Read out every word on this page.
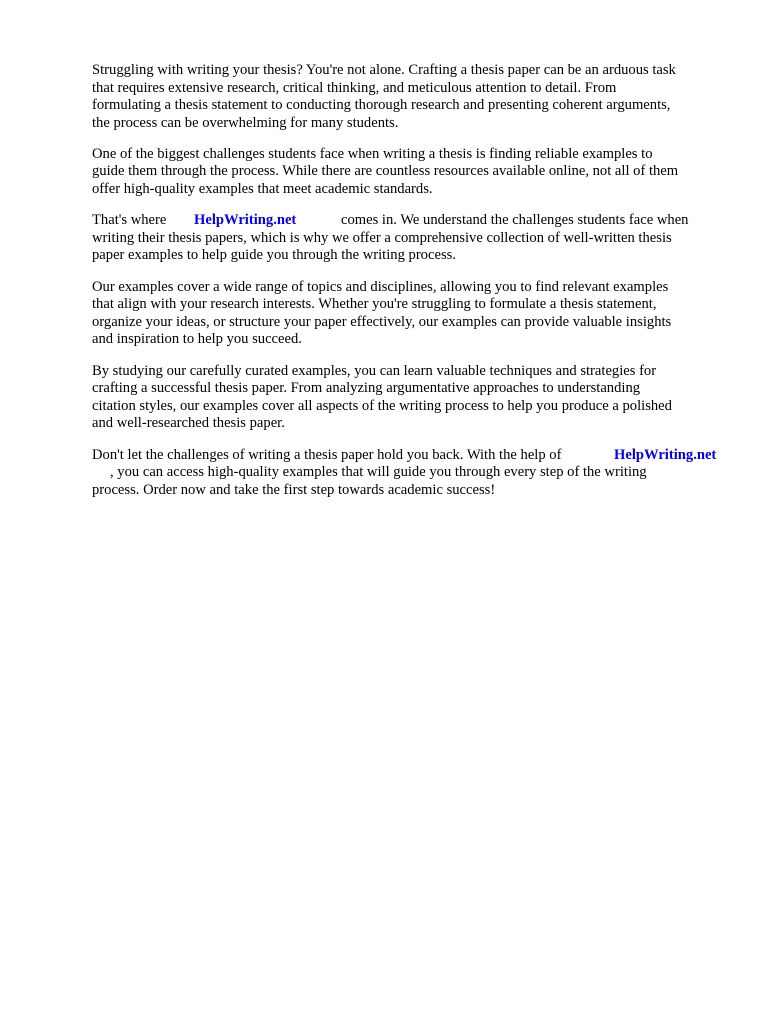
Struggling with writing your thesis? You're not alone. Crafting a thesis paper can be an arduous task

that requires extensive research, critical thinking, and meticulous attention to detail. From

formulating a thesis statement to conducting thorough research and presenting coherent arguments,

the process can be overwhelming for many students.

One of the biggest challenges students face when writing a thesis is finding reliable examples to

guide them through the process. While there are countless resources available online, not all of them

offer high-quality examples that meet academic standards.

That's where HelpWriting.net	comes in. We understand the challenges students face when

writing their thesis papers, which is why we offer a comprehensive collection of well-written thesis

paper examples to help guide you through the writing process.

Our examples cover a wide range of topics and disciplines, allowing you to find relevant examples

that align with your research interests. Whether you're struggling to formulate a thesis statement,

organize your ideas, or structure your paper effectively, our examples can provide valuable insights

and inspiration to help you succeed.

By studying our carefully curated examples, you can learn valuable techniques and strategies for

crafting a successful thesis paper. From analyzing argumentative approaches to understanding

citation styles, our examples cover all aspects of the writing process to help you produce a polished

and well-researched thesis paper.

Don't let the challenges of writing a thesis paper hold you back. With the help of	HelpWriting.net

, you can access high-quality examples that will guide you through every step of the writing

process. Order now and take the first step towards academic success!
